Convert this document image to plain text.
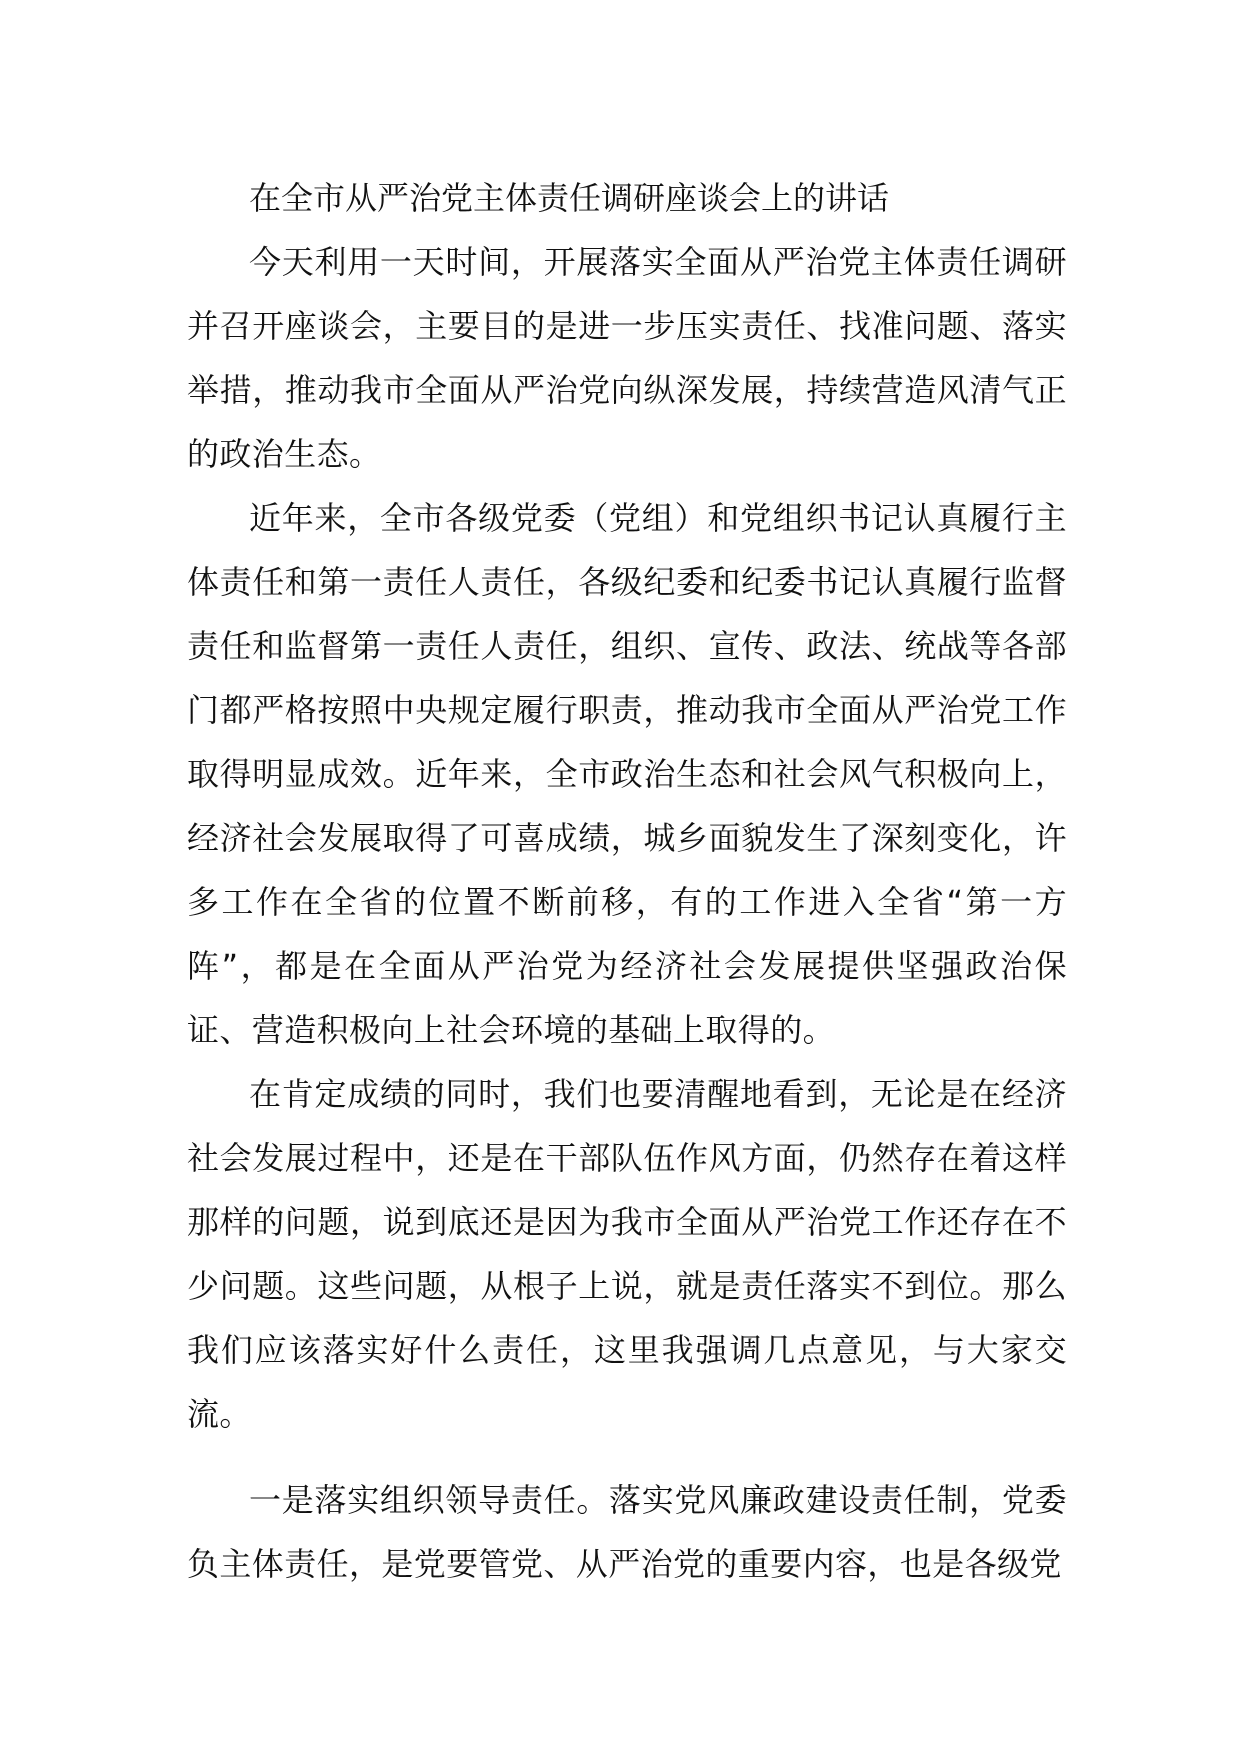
在全市从严治党主体责任调研座谈会上的讲话

今天利用一天时间，开展落实全面从严治党主体责任调研并召开座谈会，主要目的是进一步压实责任、找准问题、落实举措，推动我市全面从严治党向纵深发展，持续营造风清气正的政治生态。

近年来，全市各级党委（党组）和党组织书记认真履行主体责任和第一责任人责任，各级纪委和纪委书记认真履行监督责任和监督第一责任人责任，组织、宣传、政法、统战等各部门都严格按照中央规定履行职责，推动我市全面从严治党工作取得明显成效。近年来，全市政治生态和社会风气积极向上，经济社会发展取得了可喜成绩，城乡面貌发生了深刻变化，许多工作在全省的位置不断前移，有的工作进入全省“第一方阵”，都是在全面从严治党为经济社会发展提供坚强政治保证、营造积极向上社会环境的基础上取得的。

在肯定成绩的同时，我们也要清醒地看到，无论是在经济社会发展过程中，还是在干部队伍作风方面，仍然存在着这样那样的问题，说到底还是因为我市全面从严治党工作还存在不少问题。这些问题，从根子上说，就是责任落实不到位。那么我们应该落实好什么责任，这里我强调几点意见，与大家交流。

一是落实组织领导责任。落实党风廉政建设责任制，党委负主体责任，是党要管党、从严治党的重要内容，也是各级党
